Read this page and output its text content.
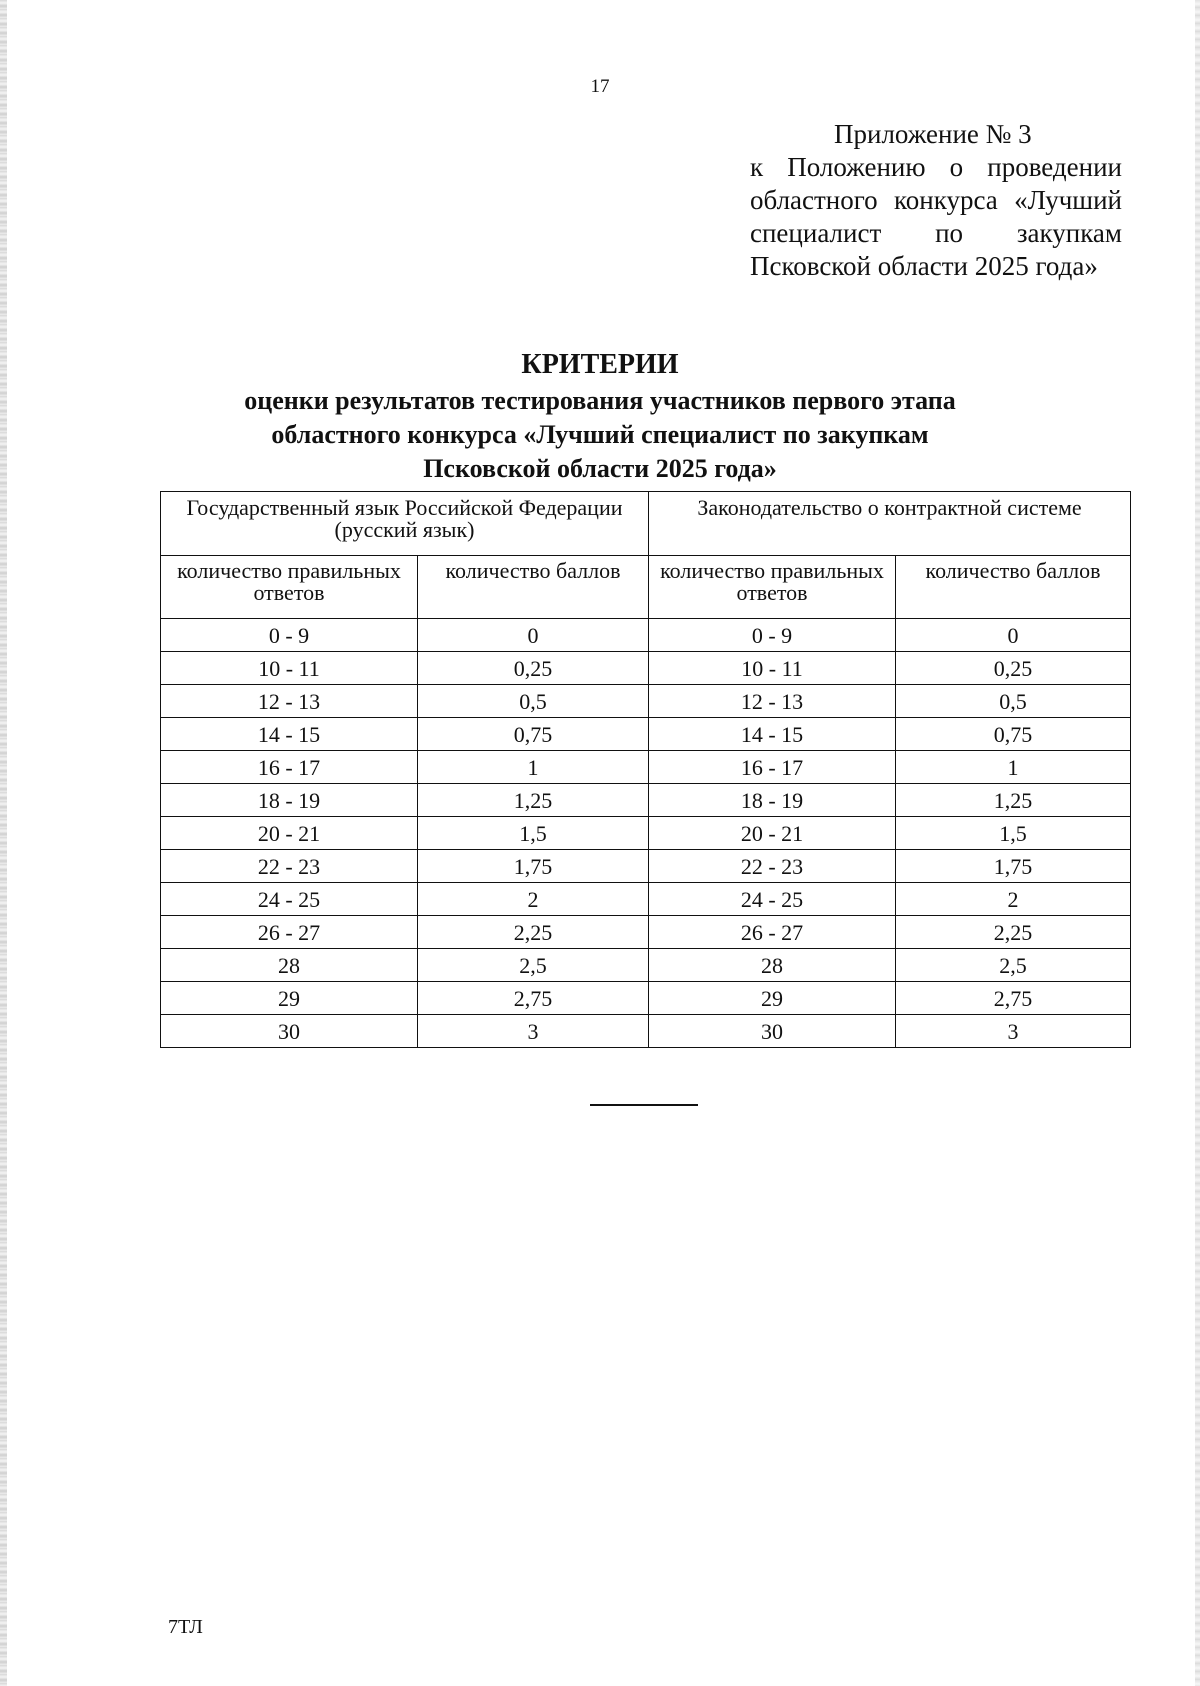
17
Приложение № 3
к Положению о проведении
областного конкурса «Лучший
специалист по закупкам
Псковской области 2025 года»
КРИТЕРИИ
оценки результатов тестирования участников первого этапа
областного конкурса «Лучший специалист по закупкам
Псковской области 2025 года»
Государственный язык Российской Федерации (русский язык)		Законодательство о контрактной системе	
количество правильных ответов	количество баллов	количество правильных ответов	количество баллов
0 - 9	0	0 - 9	0
10 - 11	0,25	10 - 11	0,25
12 - 13	0,5	12 - 13	0,5
14 - 15	0,75	14 - 15	0,75
16 - 17	1	16 - 17	1
18 - 19	1,25	18 - 19	1,25
20 - 21	1,5	20 - 21	1,5
22 - 23	1,75	22 - 23	1,75
24 - 25	2	24 - 25	2
26 - 27	2,25	26 - 27	2,25
28	2,5	28	2,5
29	2,75	29	2,75
30	3	30	3
7ТЛ
